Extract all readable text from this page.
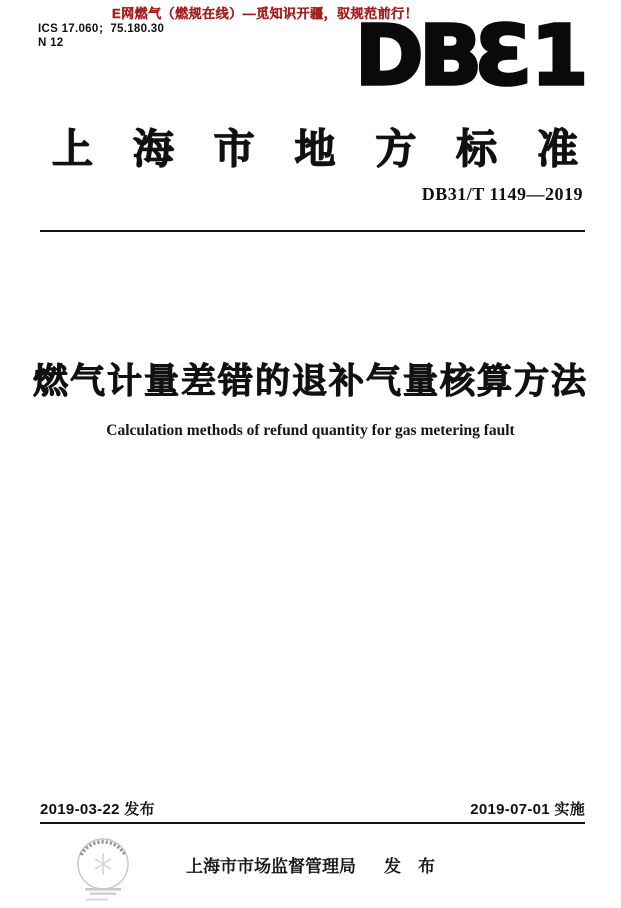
E网燃气（燃规在线）—觅知识开疆，驭规范前行！
ICS 17.060；75.180.30
N 12	D B 3 1
上 海 市 地 方 标 准
DB31/T 1149—2019
燃气计量差错的退补气量核算方法
Calculation methods of refund quantity for gas metering fault
2019-03-22 发布	2019-07-01 实施
上海市市场监督管理局 发　布
